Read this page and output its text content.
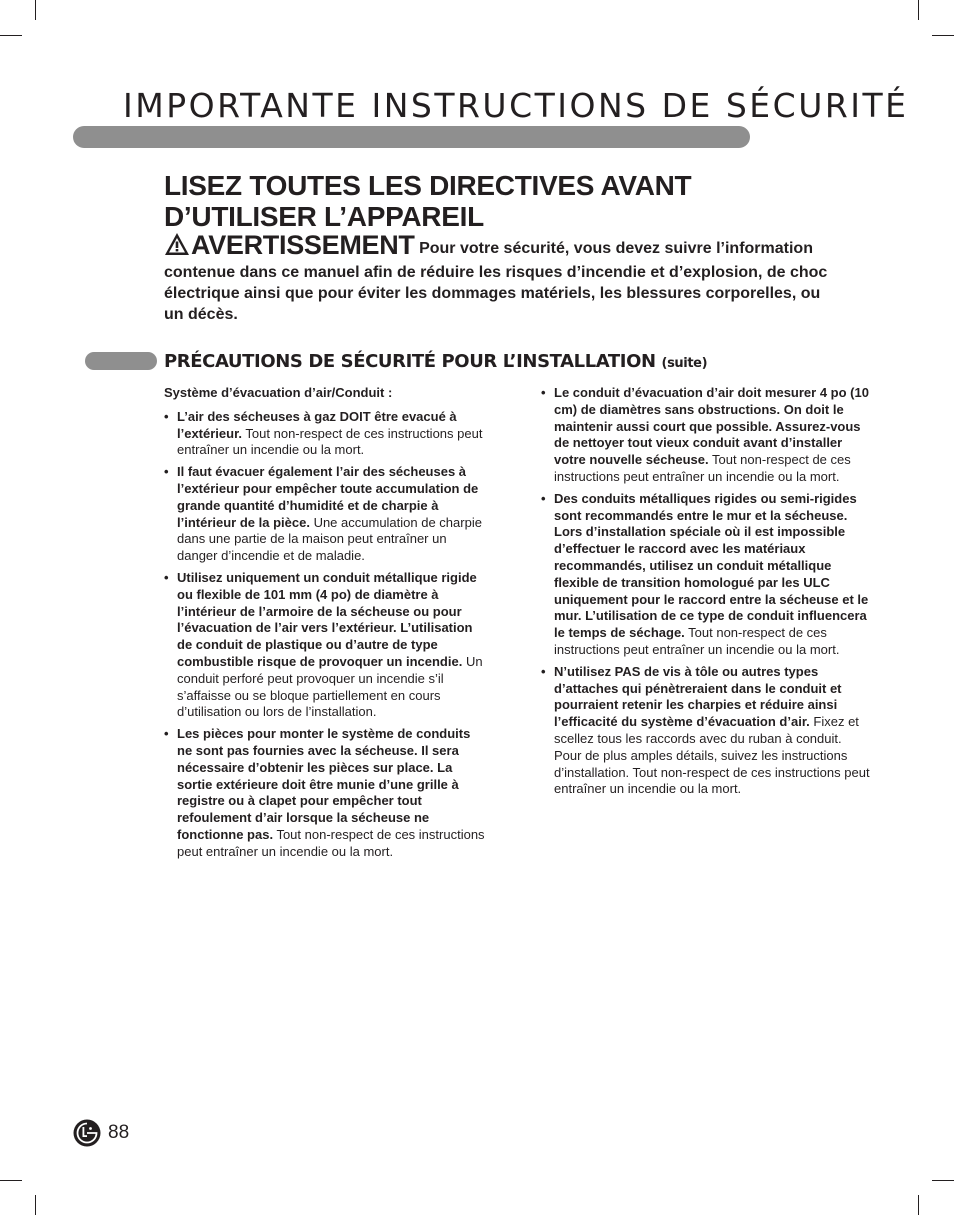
IMPORTANTE INSTRUCTIONS DE SÉCURITÉ
LISEZ TOUTES LES DIRECTIVES AVANT D’UTILISER L’APPAREIL
AVERTISSEMENT Pour votre sécurité, vous devez suivre l’information contenue dans ce manuel afin de réduire les risques d’incendie et d’explosion, de choc électrique ainsi que pour éviter les dommages matériels, les blessures corporelles, ou un décès.
PRÉCAUTIONS DE SÉCURITÉ POUR L’INSTALLATION (suite)

Système d’évacuation d’air/Conduit :

• L’air des sécheuses à gaz DOIT être evacué à l’extérieur. Tout non-respect de ces instructions peut entraîner un incendie ou la mort.
• Il faut évacuer également l’air des sécheuses à l’extérieur pour empêcher toute accumulation de grande quantité d’humidité et de charpie à l’intérieur de la pièce. Une accumulation de charpie dans une partie de la maison peut entraîner un danger d’incendie et de maladie.
• Utilisez uniquement un conduit métallique rigide ou flexible de 101 mm (4 po) de diamètre à l’intérieur de l’armoire de la sécheuse ou pour l’évacuation de l’air vers l’extérieur. L’utilisation de conduit de plastique ou d’autre de type combustible risque de provoquer un incendie. Un conduit perforé peut provoquer un incendie s’il s’affaisse ou se bloque partiellement en cours d’utilisation ou lors de l’installation.
• Les pièces pour monter le système de conduits ne sont pas fournies avec la sécheuse. Il sera nécessaire d’obtenir les pièces sur place. La sortie extérieure doit être munie d’une grille à registre ou à clapet pour empêcher tout refoulement d’air lorsque la sécheuse ne fonctionne pas. Tout non-respect de ces instructions peut entraîner un incendie ou la mort.
• Le conduit d’évacuation d’air doit mesurer 4 po (10 cm) de diamètres sans obstructions. On doit le maintenir aussi court que possible. Assurez-vous de nettoyer tout vieux conduit avant d’installer votre nouvelle sécheuse. Tout non-respect de ces instructions peut entraîner un incendie ou la mort.
• Des conduits métalliques rigides ou semi-rigides sont recommandés entre le mur et la sécheuse. Lors d’installation spéciale où il est impossible d’effectuer le raccord avec les matériaux recommandés, utilisez un conduit métallique flexible de transition homologué par les ULC uniquement pour le raccord entre la sécheuse et le mur. L’utilisation de ce type de conduit influencera le temps de séchage. Tout non-respect de ces instructions peut entraîner un incendie ou la mort.
• N’utilisez PAS de vis à tôle ou autres types d’attaches qui pénètreraient dans le conduit et pourraient retenir les charpies et réduire ainsi l’efficacité du système d’évacuation d’air. Fixez et scellez tous les raccords avec du ruban à conduit. Pour de plus amples détails, suivez les instructions d’installation. Tout non-respect de ces instructions peut entraîner un incendie ou la mort.
88
